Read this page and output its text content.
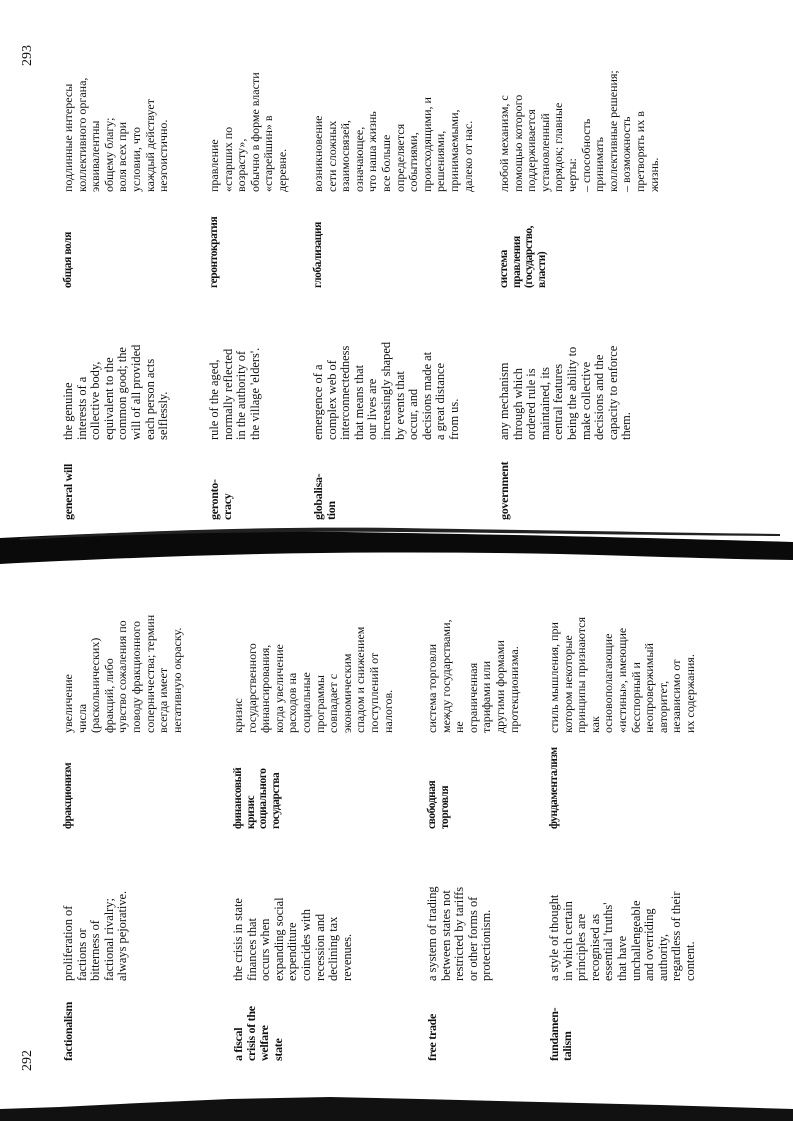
292 factionalism
proliferation of
factions or
bitterness of
factional rivalry;
always pejorative.
фракционизм
увеличение
числа (раскольнических)
фракций, либо
чувство сожаления по поводу фракционного соперничества; термин
всегда имеет
негативную окраску.
a fiscal
crisis of the
welfare
state
the crisis in state
finances that
occurs when
expanding social
expenditure
coincides with
recession and
declining tax
revenues.
финансовый
кризис социального государства
кризис государственного финансирования,
когда увеличение расходов на
социальные
программы
совпадает с
экономическим
спадом и снижением поступлений от налогов.
free trade
a system of trading
between states not
restricted by tariffs
or other forms of
protectionism.
свободная
торговля
система торговли между государствами, не
ограниченная
тарифами или
другими формами протекционизма.
fundamen-
talism
a style of thought
in which certain
principles are
recognised as
essential 'truths'
that have
unchallengeable
and overriding
authority,
regardless of their
content.
фундаментализм
стиль мышления, при котором некоторые
принципы признаются как
основополагающие «истины», имеющие
бесспорный и
неопровержимый авторитет,
независимо от
их содержания.
293
general will
the genuine
interests of a
collective body,
equivalent to the
common good; the
will of all provided
each person acts
selflessly.
общая воля
подлинные интересы коллективного органа,
эквивалентны
общему благу;
воля всех при
условии, что
каждый действует неэгоистично.
geronto-
cracy
rule of the aged,
normally reflected
in the authority of
the village 'elders'.
геронтократия
правление
«старших по
возрасту»,
обычно в форме власти «старейшин» в деревне.
globalisa-
tion
emergence of a
complex web of
interconnectedness
that means that
our lives are
increasingly shaped
by events that
occur, and
decisions made at
a great distance
from us.
глобализация
возникновение
сети сложных
взаимосвязей,
означающее,
что наша жизнь
все больше определяется событиями, происходящими, и
решениями,
принимаемыми,
далеко от нас.
government
any mechanism
through which
ordered rule is
maintained, its
central features
being the ability to
make collective
decisions and the
capacity to enforce
them.
система
правления
(государство,
власти)
любой механизм, с помощью которого
поддерживается
установленный
порядок; главные черты:
– способность
принимать коллективные решения;
– возможность
претворять их в
жизнь.
